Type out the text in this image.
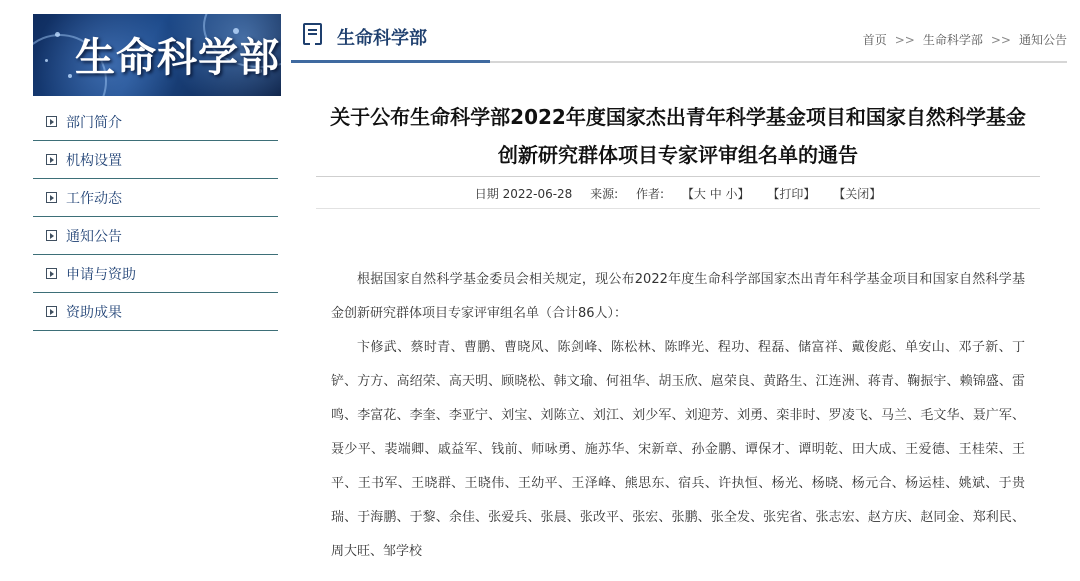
生命科学部
部门简介
机构设置
工作动态
通知公告
申请与资助
资助成果
生命科学部	首页 >> 生命科学部 >> 通知公告
关于公布生命科学部2022年度国家杰出青年科学基金项目和国家自然科学基金
创新研究群体项目专家评审组名单的通告
日期 2022-06-28 来源: 作者: 【大 中 小】 【打印】 【关闭】

根据国家自然科学基金委员会相关规定，现公布2022年度生命科学部国家杰出青年科学基金项目和国家自然科学基金创新研究群体项目专家评审组名单（合计86人）：

卞修武、蔡时青、曹鹏、曹晓风、陈剑峰、陈松林、陈晔光、程功、程磊、储富祥、戴俊彪、单安山、邓子新、丁铲、方方、高绍荣、高天明、顾晓松、韩文瑜、何祖华、胡玉欣、扈荣良、黄路生、江连洲、蒋青、鞠振宇、赖锦盛、雷鸣、李富花、李奎、李亚宁、刘宝、刘陈立、刘江、刘少军、刘迎芳、刘勇、栾非时、罗凌飞、马兰、毛文华、聂广军、聂少平、裴端卿、戚益军、钱前、师咏勇、施苏华、宋新章、孙金鹏、谭保才、谭明乾、田大成、王爱德、王桂荣、王平、王书军、王晓群、王晓伟、王幼平、王泽峰、熊思东、宿兵、许执恒、杨光、杨晓、杨元合、杨运桂、姚斌、于贵瑞、于海鹏、于黎、余佳、张爱兵、张晨、张改平、张宏、张鹏、张全发、张宪省、张志宏、赵方庆、赵同金、郑利民、周大旺、邹学校
